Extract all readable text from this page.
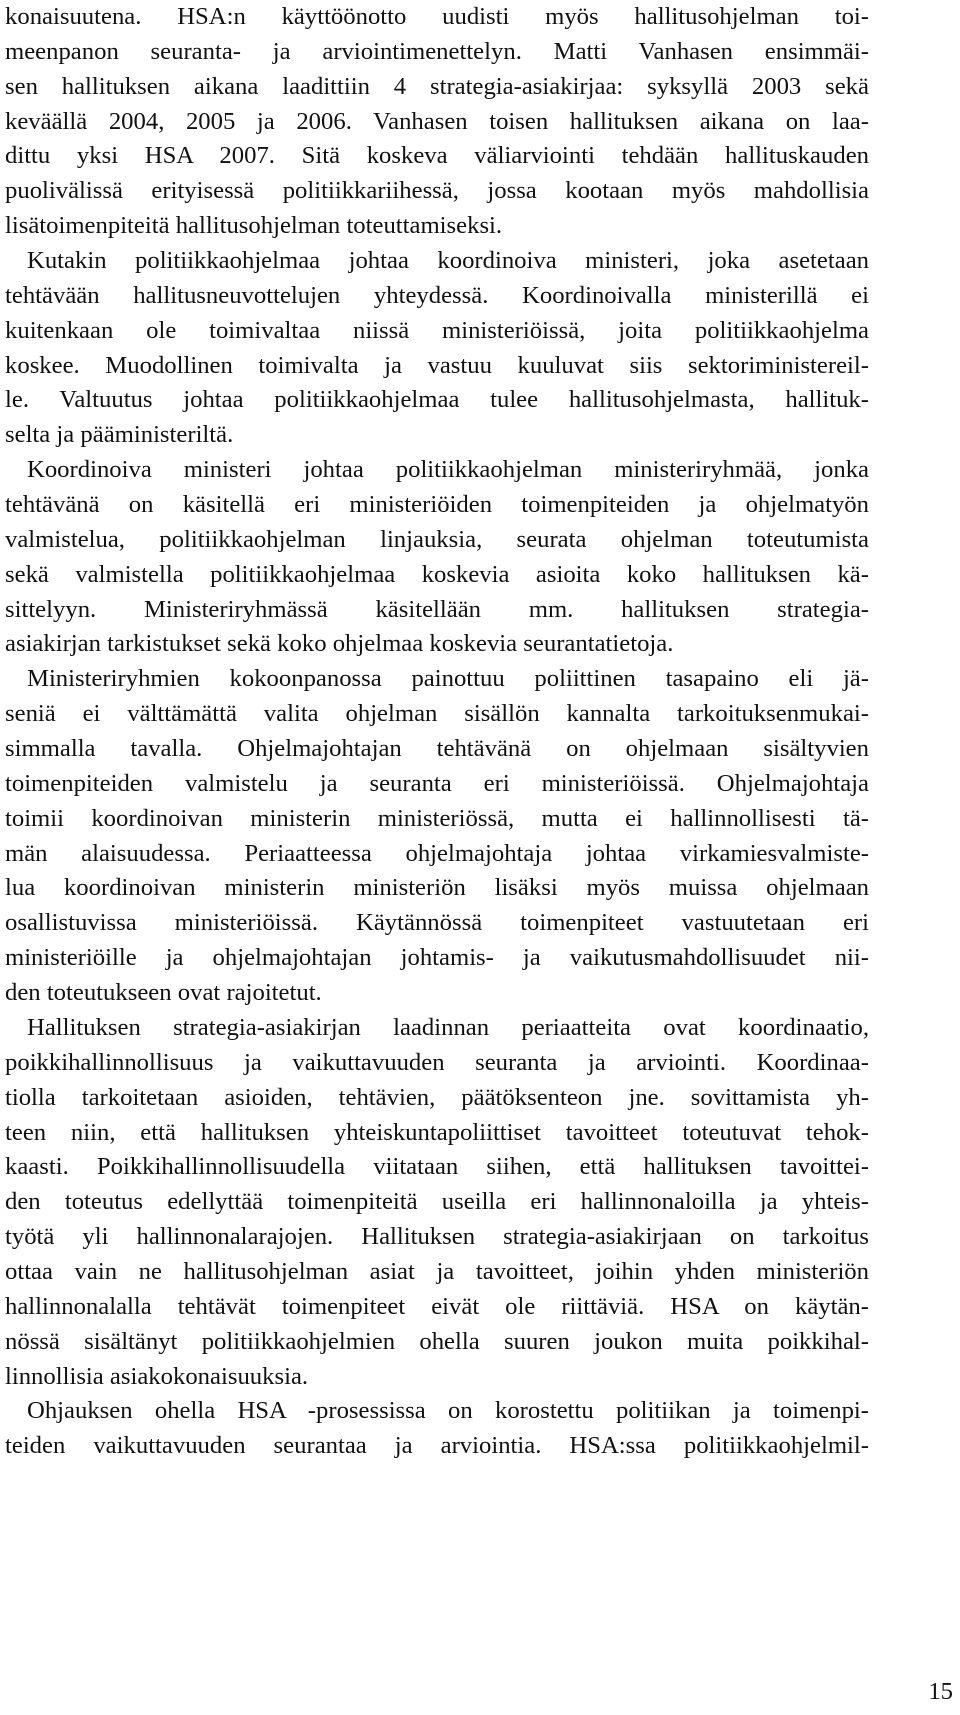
konaisuutena. HSA:n käyttöönotto uudisti myös hallitusohjelman toi-
meenpanon seuranta- ja arviointimenettelyn. Matti Vanhasen ensimmäi-
sen hallituksen aikana laadittiin 4 strategia-asiakirjaa: syksyllä 2003 sekä
keväällä 2004, 2005 ja 2006. Vanhasen toisen hallituksen aikana on laa-
dittu yksi HSA 2007. Sitä koskeva väliarviointi tehdään hallituskauden
puolivälissä erityisessä politiikkariihessä, jossa kootaan myös mahdollisia
lisätoimenpiteitä hallitusohjelman toteuttamiseksi.
Kutakin politiikkaohjelmaa johtaa koordinoiva ministeri, joka asetetaan
tehtävään hallitusneuvottelujen yhteydessä. Koordinoivalla ministerillä ei
kuitenkaan ole toimivaltaa niissä ministeriöissä, joita politiikkaohjelma
koskee. Muodollinen toimivalta ja vastuu kuuluvat siis sektoriministereil-
le. Valtuutus johtaa politiikkaohjelmaa tulee hallitusohjelmasta, hallituk-
selta ja pääministeriltä.
Koordinoiva ministeri johtaa politiikkaohjelman ministeriryhmää, jonka
tehtävänä on käsitellä eri ministeriöiden toimenpiteiden ja ohjelmatyön
valmistelua, politiikkaohjelman linjauksia, seurata ohjelman toteutumista
sekä valmistella politiikkaohjelmaa koskevia asioita koko hallituksen kä-
sittelyyn. Ministeriryhmässä käsitellään mm. hallituksen strategia-
asiakirjan tarkistukset sekä koko ohjelmaa koskevia seurantatietoja.
Ministeriryhmien kokoonpanossa painottuu poliittinen tasapaino eli jä-
seniä ei välttämättä valita ohjelman sisällön kannalta tarkoituksenmukai-
simmalla tavalla. Ohjelmajohtajan tehtävänä on ohjelmaan sisältyvien
toimenpiteiden valmistelu ja seuranta eri ministeriöissä. Ohjelmajohtaja
toimii koordinoivan ministerin ministeriössä, mutta ei hallinnollisesti tä-
män alaisuudessa. Periaatteessa ohjelmajohtaja johtaa virkamiesvalmiste-
lua koordinoivan ministerin ministeriön lisäksi myös muissa ohjelmaan
osallistuvissa ministeriöissä. Käytännössä toimenpiteet vastuutetaan eri
ministeriöille ja ohjelmajohtajan johtamis- ja vaikutusmahdollisuudet nii-
den toteutukseen ovat rajoitetut.
Hallituksen strategia-asiakirjan laadinnan periaatteita ovat koordinaatio,
poikkihallinnollisuus ja vaikuttavuuden seuranta ja arviointi. Koordinaa-
tiolla tarkoitetaan asioiden, tehtävien, päätöksenteon jne. sovittamista yh-
teen niin, että hallituksen yhteiskuntapoliittiset tavoitteet toteutuvat tehok-
kaasti. Poikkihallinnollisuudella viitataan siihen, että hallituksen tavoittei-
den toteutus edellyttää toimenpiteitä useilla eri hallinnonaloilla ja yhteis-
työtä yli hallinnonalarajojen. Hallituksen strategia-asiakirjaan on tarkoitus
ottaa vain ne hallitusohjelman asiat ja tavoitteet, joihin yhden ministeriön
hallinnonalalla tehtävät toimenpiteet eivät ole riittäviä. HSA on käytän-
nössä sisältänyt politiikkaohjelmien ohella suuren joukon muita poikkihal-
linnollisia asiakokonaisuuksia.
Ohjauksen ohella HSA -prosessissa on korostettu politiikan ja toimenpi-
teiden vaikuttavuuden seurantaa ja arviointia. HSA:ssa politiikkaohjelmil-
15
